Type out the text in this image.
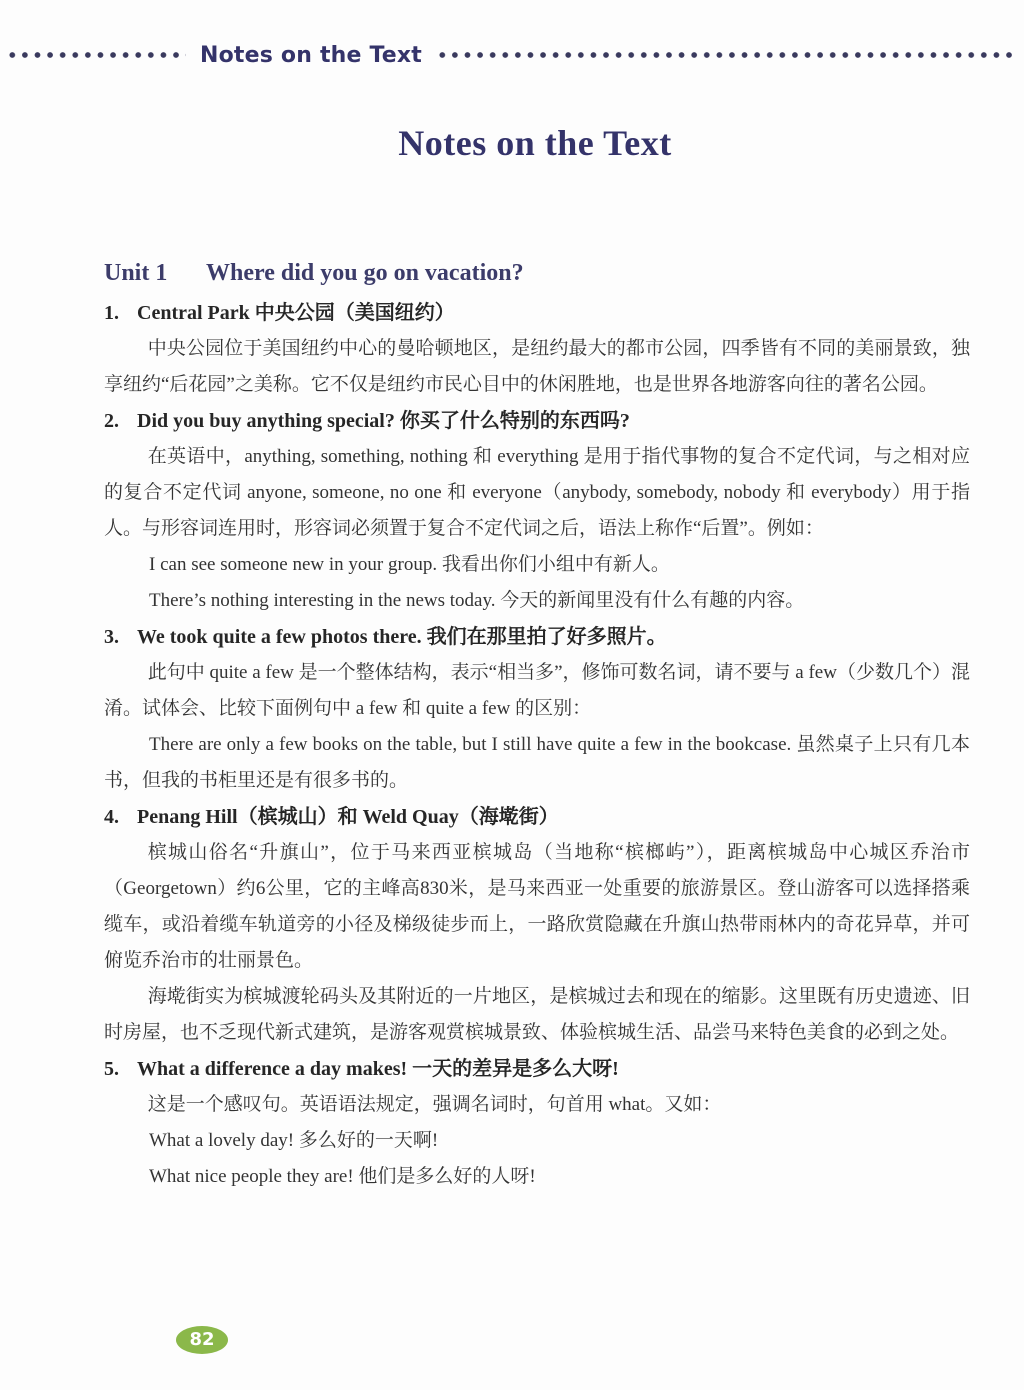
Notes on the Text
Notes on the Text
Unit 1 Where did you go on vacation?
1. Central Park 中央公园（美国纽约）

中央公园位于美国纽约中心的曼哈顿地区，是纽约最大的都市公园，四季皆有不同的美丽景致，独享纽约“后花园”之美称。它不仅是纽约市民心目中的休闲胜地，也是世界各地游客向往的著名公园。

2. Did you buy anything special? 你买了什么特别的东西吗?

在英语中，anything, something, nothing 和 everything 是用于指代事物的复合不定代词，与之相对应的复合不定代词 anyone, someone, no one 和 everyone（anybody, somebody, nobody 和 everybody）用于指人。与形容词连用时，形容词必须置于复合不定代词之后，语法上称作“后置”。例如：

I can see someone new in your group. 我看出你们小组中有新人。

There’s nothing interesting in the news today. 今天的新闻里没有什么有趣的内容。

3. We took quite a few photos there. 我们在那里拍了好多照片。

此句中 quite a few 是一个整体结构，表示“相当多”，修饰可数名词，请不要与 a few（少数几个）混淆。试体会、比较下面例句中 a few 和 quite a few 的区别：

There are only a few books on the table, but I still have quite a few in the bookcase. 虽然桌子上只有几本书，但我的书柜里还是有很多书的。

4. Penang Hill（槟城山）和 Weld Quay（海墘街）

槟城山俗名“升旗山”，位于马来西亚槟城岛（当地称“槟榔屿”），距离槟城岛中心城区乔治市（Georgetown）约6公里，它的主峰高830米，是马来西亚一处重要的旅游景区。登山游客可以选择搭乘缆车，或沿着缆车轨道旁的小径及梯级徒步而上，一路欣赏隐藏在升旗山热带雨林内的奇花异草，并可俯览乔治市的壮丽景色。

海墘街实为槟城渡轮码头及其附近的一片地区，是槟城过去和现在的缩影。这里既有历史遗迹、旧时房屋，也不乏现代新式建筑，是游客观赏槟城景致、体验槟城生活、品尝马来特色美食的必到之处。

5. What a difference a day makes! 一天的差异是多么大呀!

这是一个感叹句。英语语法规定，强调名词时，句首用 what。又如：

What a lovely day! 多么好的一天啊!

What nice people they are! 他们是多么好的人呀!

82
